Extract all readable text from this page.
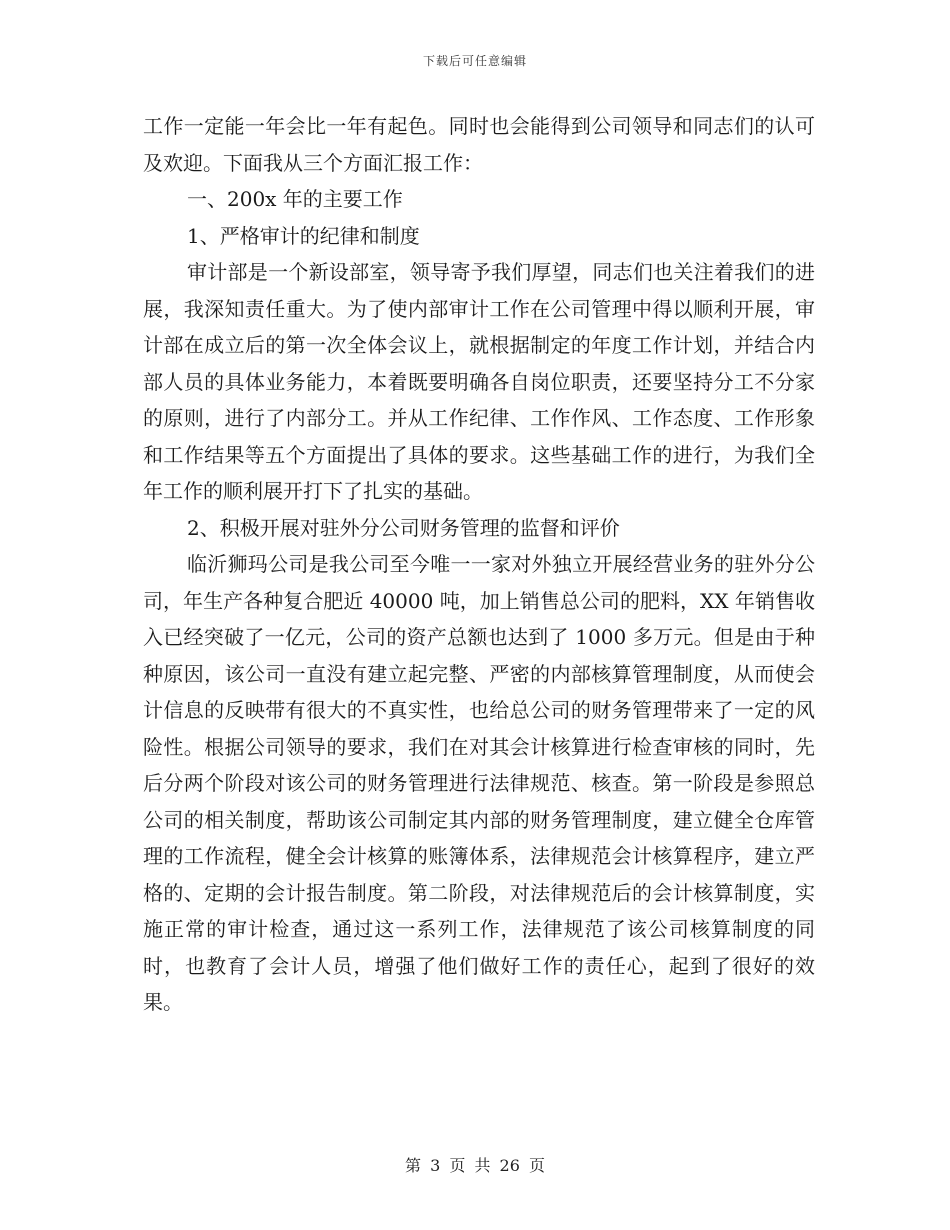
下载后可任意编辑

工作一定能一年会比一年有起色。同时也会能得到公司领导和同志们的认可及欢迎。下面我从三个方面汇报工作：

一、200x 年的主要工作

1、严格审计的纪律和制度

审计部是一个新设部室，领导寄予我们厚望，同志们也关注着我们的进展，我深知责任重大。为了使内部审计工作在公司管理中得以顺利开展，审计部在成立后的第一次全体会议上，就根据制定的年度工作计划，并结合内部人员的具体业务能力，本着既要明确各自岗位职责，还要坚持分工不分家的原则，进行了内部分工。并从工作纪律、工作作风、工作态度、工作形象和工作结果等五个方面提出了具体的要求。这些基础工作的进行，为我们全年工作的顺利展开打下了扎实的基础。

2、积极开展对驻外分公司财务管理的监督和评价

临沂狮玛公司是我公司至今唯一一家对外独立开展经营业务的驻外分公司，年生产各种复合肥近 40000 吨，加上销售总公司的肥料，XX 年销售收入已经突破了一亿元，公司的资产总额也达到了 1000 多万元。但是由于种种原因，该公司一直没有建立起完整、严密的内部核算管理制度，从而使会计信息的反映带有很大的不真实性，也给总公司的财务管理带来了一定的风险性。根据公司领导的要求，我们在对其会计核算进行检查审核的同时，先后分两个阶段对该公司的财务管理进行法律规范、核查。第一阶段是参照总公司的相关制度，帮助该公司制定其内部的财务管理制度，建立健全仓库管理的工作流程，健全会计核算的账簿体系，法律规范会计核算程序，建立严格的、定期的会计报告制度。第二阶段，对法律规范后的会计核算制度，实施正常的审计检查，通过这一系列工作，法律规范了该公司核算制度的同时，也教育了会计人员，增强了他们做好工作的责任心，起到了很好的效果。

第 3 页 共 26 页
